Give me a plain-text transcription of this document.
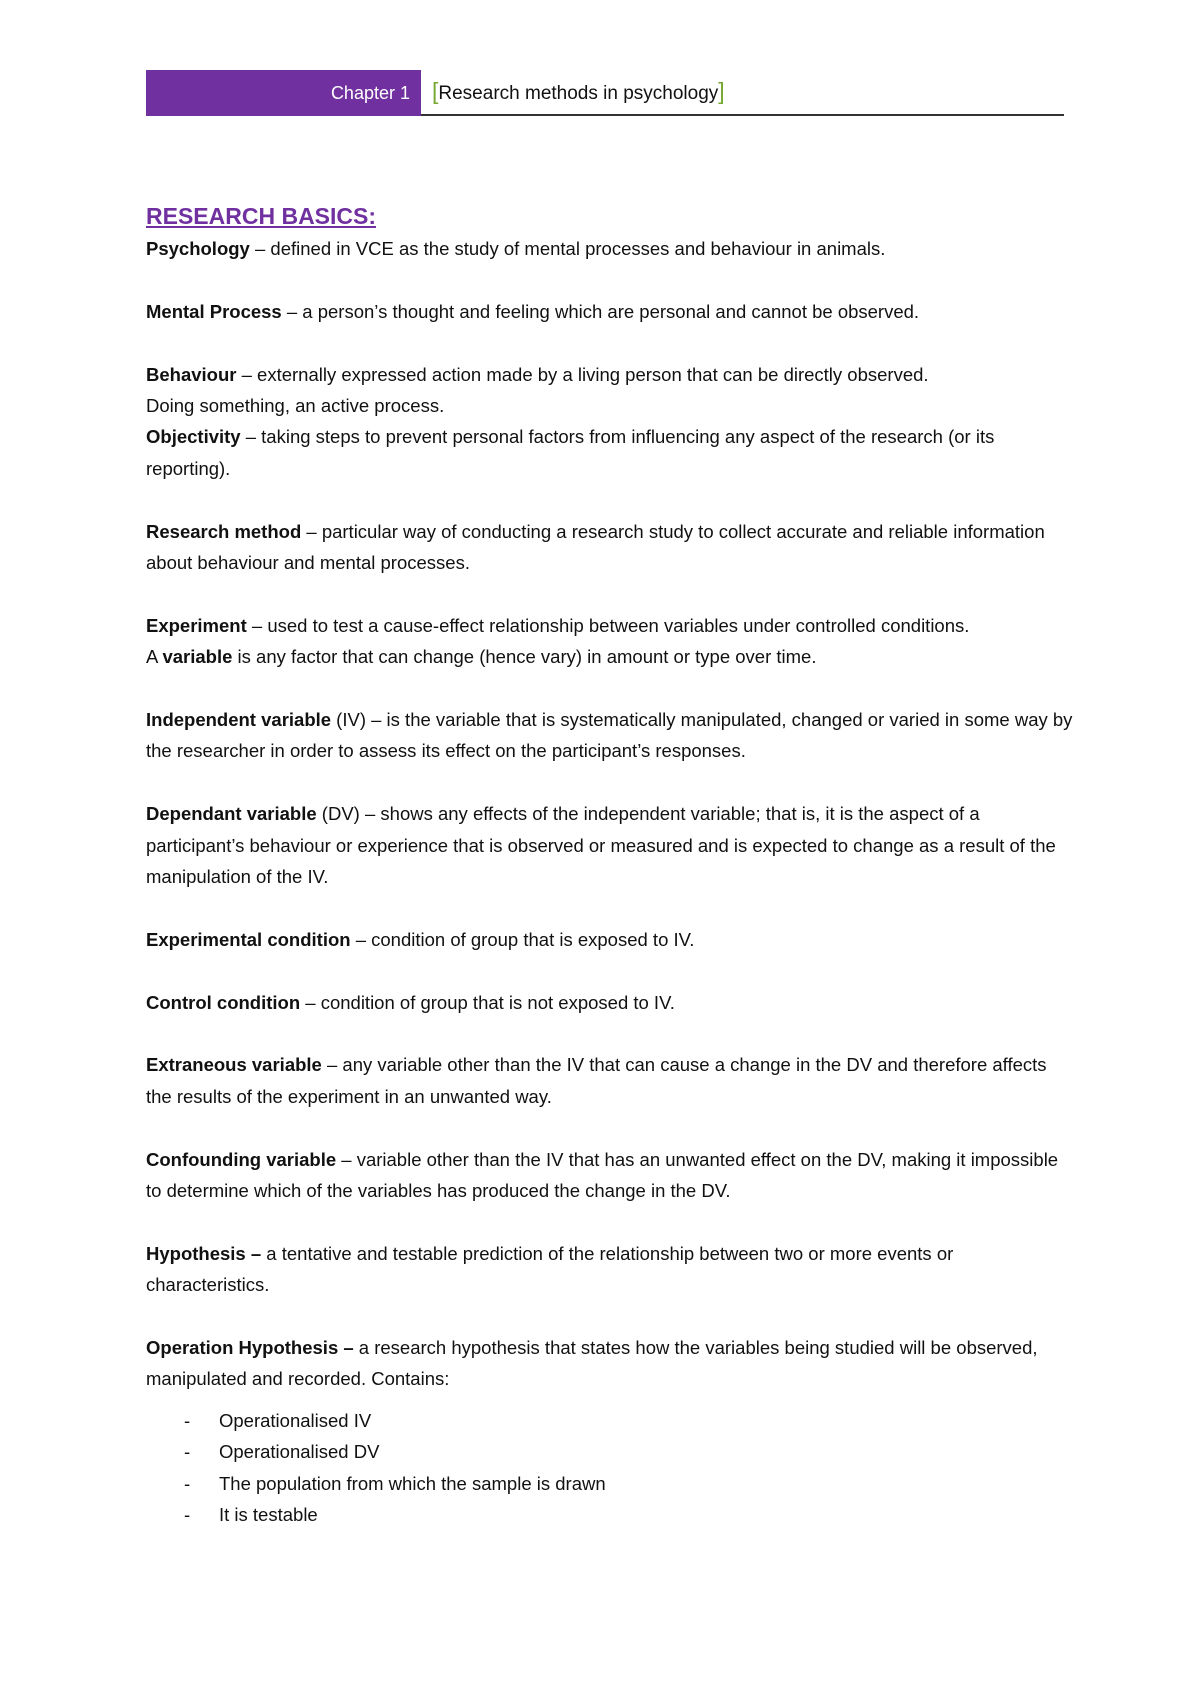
Chapter 1 [Research methods in psychology]
RESEARCH BASICS:

Psychology – defined in VCE as the study of mental processes and behaviour in animals.

Mental Process – a person’s thought and feeling which are personal and cannot be observed.

Behaviour – externally expressed action made by a living person that can be directly observed.

Doing something, an active process.

Objectivity – taking steps to prevent personal factors from influencing any aspect of the research (or its reporting).

Research method – particular way of conducting a research study to collect accurate and reliable information about behaviour and mental processes.

Experiment – used to test a cause-effect relationship between variables under controlled conditions.

A variable is any factor that can change (hence vary) in amount or type over time.

Independent variable (IV) – is the variable that is systematically manipulated, changed or varied in some way by the researcher in order to assess its effect on the participant’s responses.

Dependant variable (DV) – shows any effects of the independent variable; that is, it is the aspect of a participant’s behaviour or experience that is observed or measured and is expected to change as a result of the manipulation of the IV.

Experimental condition – condition of group that is exposed to IV.

Control condition – condition of group that is not exposed to IV.

Extraneous variable – any variable other than the IV that can cause a change in the DV and therefore affects the results of the experiment in an unwanted way.

Confounding variable – variable other than the IV that has an unwanted effect on the DV, making it impossible to determine which of the variables has produced the change in the DV.

Hypothesis – a tentative and testable prediction of the relationship between two or more events or characteristics.

Operation Hypothesis – a research hypothesis that states how the variables being studied will be observed, manipulated and recorded. Contains:

- Operationalised IV
- Operationalised DV
- The population from which the sample is drawn
- It is testable
